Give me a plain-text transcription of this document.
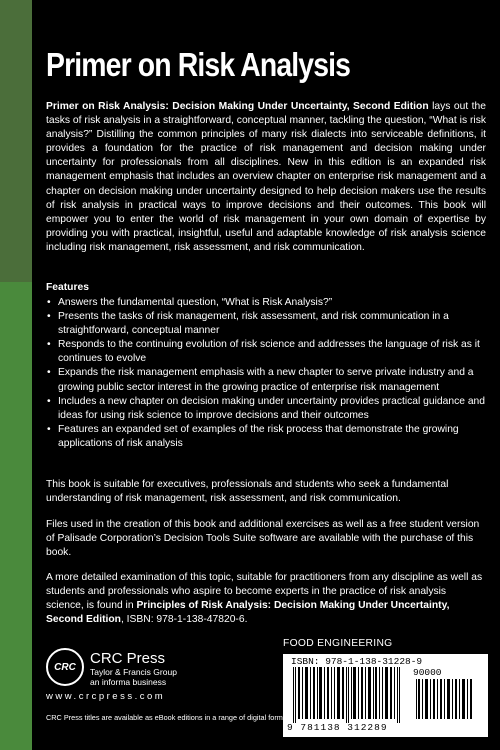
Primer on Risk Analysis
Primer on Risk Analysis: Decision Making Under Uncertainty, Second Edition lays out the tasks of risk analysis in a straightforward, conceptual manner, tackling the question, “What is risk analysis?” Distilling the common principles of many risk dialects into serviceable definitions, it provides a foundation for the practice of risk management and decision making under uncertainty for professionals from all disciplines. New in this edition is an expanded risk management emphasis that includes an overview chapter on enterprise risk management and a chapter on decision making under uncertainty designed to help decision makers use the results of risk analysis in practical ways to improve decisions and their outcomes. This book will empower you to enter the world of risk management in your own domain of expertise by providing you with practical, insightful, useful and adaptable knowledge of risk analysis science including risk management, risk assessment, and risk communication.
Features
• Answers the fundamental question, “What is Risk Analysis?”
• Presents the tasks of risk management, risk assessment, and risk communication in a straightforward, conceptual manner
• Responds to the continuing evolution of risk science and addresses the language of risk as it continues to evolve
• Expands the risk management emphasis with a new chapter to serve private industry and a growing public sector interest in the growing practice of enterprise risk management
• Includes a new chapter on decision making under uncertainty provides practical guidance and ideas for using risk science to improve decisions and their outcomes
• Features an expanded set of examples of the risk process that demonstrate the growing applications of risk analysis
This book is suitable for executives, professionals and students who seek a fundamental understanding of risk management, risk assessment, and risk communication.
Files used in the creation of this book and additional exercises as well as a free student version of Palisade Corporation’s Decision Tools Suite software are available with the purchase of this book.
A more detailed examination of this topic, suitable for practitioners from any discipline as well as students and professionals who aspire to become experts in the practice of risk analysis science, is found in Principles of Risk Analysis: Decision Making Under Uncertainty, Second Edition, ISBN: 978-1-138-47820-6.
FOOD ENGINEERING
ISBN: 978-1-138-31228-9
90000
9 781138 312289
CRC CRC Press
Taylor & Francis Group
an informa business
www.crcpress.com
CRC Press titles are available as eBook editions in a range of digital formats
